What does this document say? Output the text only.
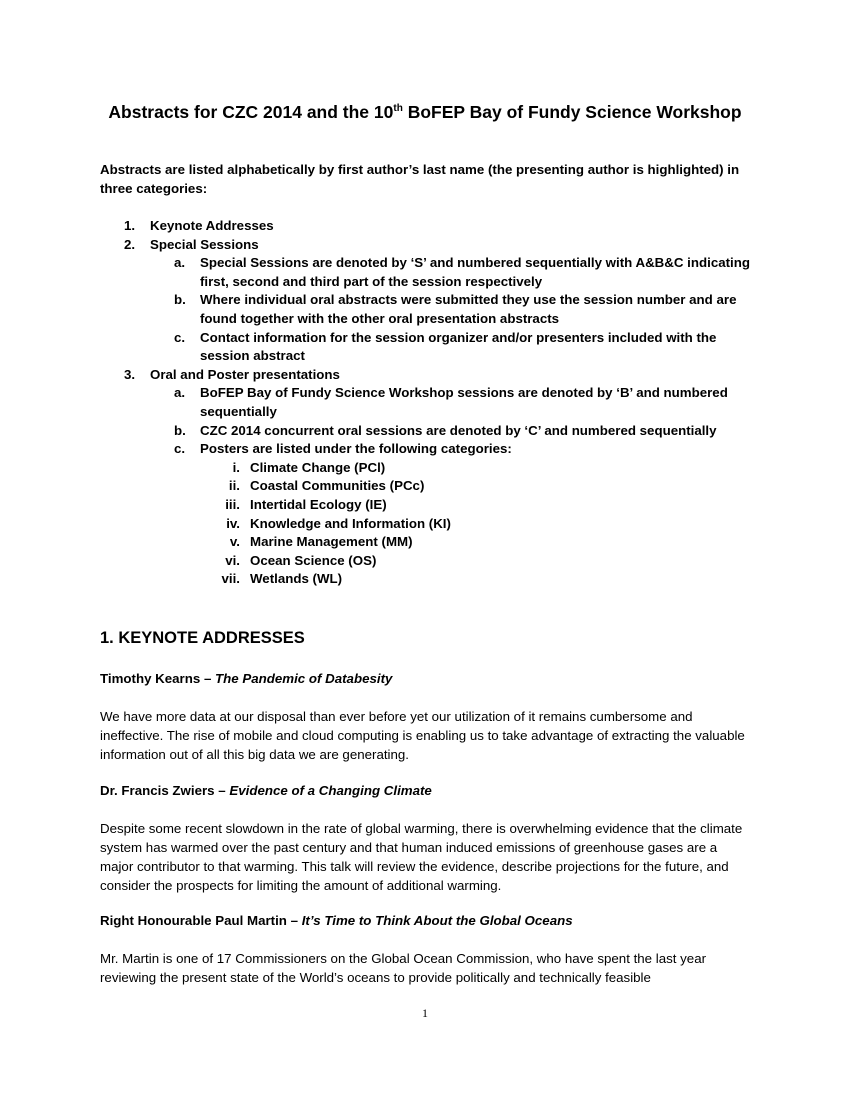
Abstracts for CZC 2014 and the 10th BoFEP Bay of Fundy Science Workshop
Abstracts are listed alphabetically by first author’s last name (the presenting author is highlighted) in three categories:
1.	Keynote Addresses
2.	Special Sessions
a.	Special Sessions are denoted by ‘S’ and numbered sequentially with A&B&C indicating first, second and third part of the session respectively
b.	Where individual oral abstracts were submitted they use the session number and are found together with the other oral presentation abstracts
c.	Contact information for the session organizer and/or presenters included with the session abstract
3.	Oral and Poster presentations
a.	BoFEP Bay of Fundy Science Workshop sessions are denoted by ‘B’ and numbered sequentially
b.	CZC 2014 concurrent oral sessions are denoted by ‘C’ and numbered sequentially
c.	Posters are listed under the following categories:
i. Climate Change (PCl)
ii. Coastal Communities (PCc)
iii. Intertidal Ecology (IE)
iv. Knowledge and Information (KI)
v. Marine Management (MM)
vi. Ocean Science (OS)
vii. Wetlands (WL)
1. KEYNOTE ADDRESSES
Timothy Kearns – The Pandemic of Databesity
We have more data at our disposal than ever before yet our utilization of it remains cumbersome and ineffective. The rise of mobile and cloud computing is enabling us to take advantage of extracting the valuable information out of all this big data we are generating.
Dr. Francis Zwiers – Evidence of a Changing Climate
Despite some recent slowdown in the rate of global warming, there is overwhelming evidence that the climate system has warmed over the past century and that human induced emissions of greenhouse gases are a major contributor to that warming. This talk will review the evidence, describe projections for the future, and consider the prospects for limiting the amount of additional warming.
Right Honourable Paul Martin – It’s Time to Think About the Global Oceans
Mr. Martin is one of 17 Commissioners on the Global Ocean Commission, who have spent the last year reviewing the present state of the World’s oceans to provide politically and technically feasible
1
